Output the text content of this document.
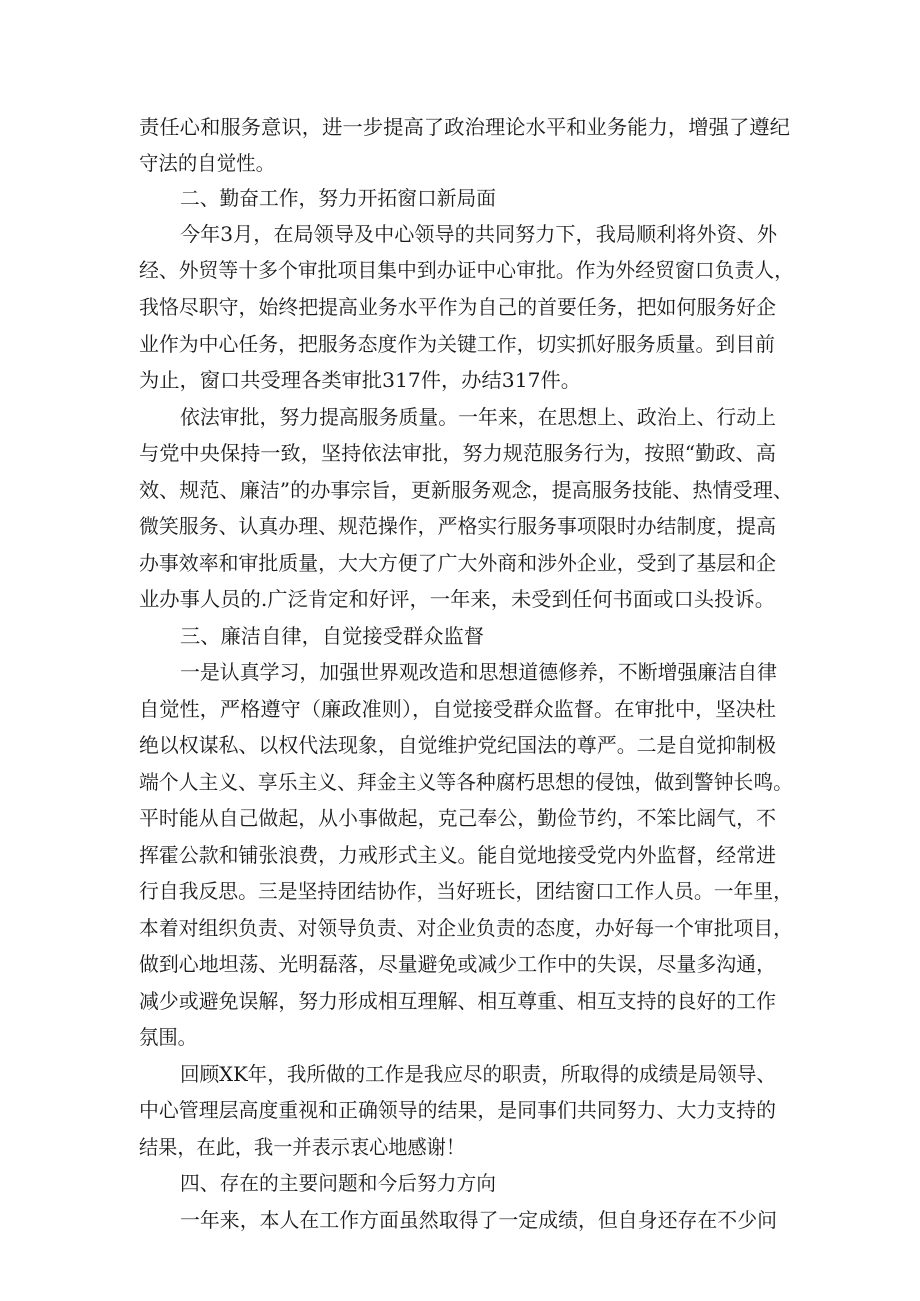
责任心和服务意识，进一步提高了政治理论水平和业务能力，增强了遵纪
守法的自觉性。
二、勤奋工作，努力开拓窗口新局面
今年3月，在局领导及中心领导的共同努力下，我局顺利将外资、外
经、外贸等十多个审批项目集中到办证中心审批。作为外经贸窗口负责人，
我恪尽职守，始终把提高业务水平作为自己的首要任务，把如何服务好企
业作为中心任务，把服务态度作为关键工作，切实抓好服务质量。到目前
为止，窗口共受理各类审批317件，办结317件。
依法审批，努力提高服务质量。一年来，在思想上、政治上、行动上
与党中央保持一致，坚持依法审批，努力规范服务行为，按照“勤政、高
效、规范、廉洁”的办事宗旨，更新服务观念，提高服务技能、热情受理、
微笑服务、认真办理、规范操作，严格实行服务事项限时办结制度，提高
办事效率和审批质量，大大方便了广大外商和涉外企业，受到了基层和企
业办事人员的.广泛肯定和好评，一年来，未受到任何书面或口头投诉。
三、廉洁自律，自觉接受群众监督
一是认真学习，加强世界观改造和思想道德修养，不断增强廉洁自律
自觉性，严格遵守（廉政准则），自觉接受群众监督。在审批中，坚决杜
绝以权谋私、以权代法现象，自觉维护党纪国法的尊严。二是自觉抑制极
端个人主义、享乐主义、拜金主义等各种腐朽思想的侵蚀，做到警钟长鸣。
平时能从自己做起，从小事做起，克己奉公，勤俭节约，不笨比阔气，不
挥霍公款和铺张浪费，力戒形式主义。能自觉地接受党内外监督，经常进
行自我反思。三是坚持团结协作，当好班长，团结窗口工作人员。一年里，
本着对组织负责、对领导负责、对企业负责的态度，办好每一个审批项目，
做到心地坦荡、光明磊落，尽量避免或减少工作中的失误，尽量多沟通，
减少或避免误解，努力形成相互理解、相互尊重、相互支持的良好的工作
氛围。
回顾XK年，我所做的工作是我应尽的职责，所取得的成绩是局领导、
中心管理层高度重视和正确领导的结果，是同事们共同努力、大力支持的
结果，在此，我一并表示衷心地感谢！
四、存在的主要问题和今后努力方向
一年来，本人在工作方面虽然取得了一定成绩，但自身还存在不少问
